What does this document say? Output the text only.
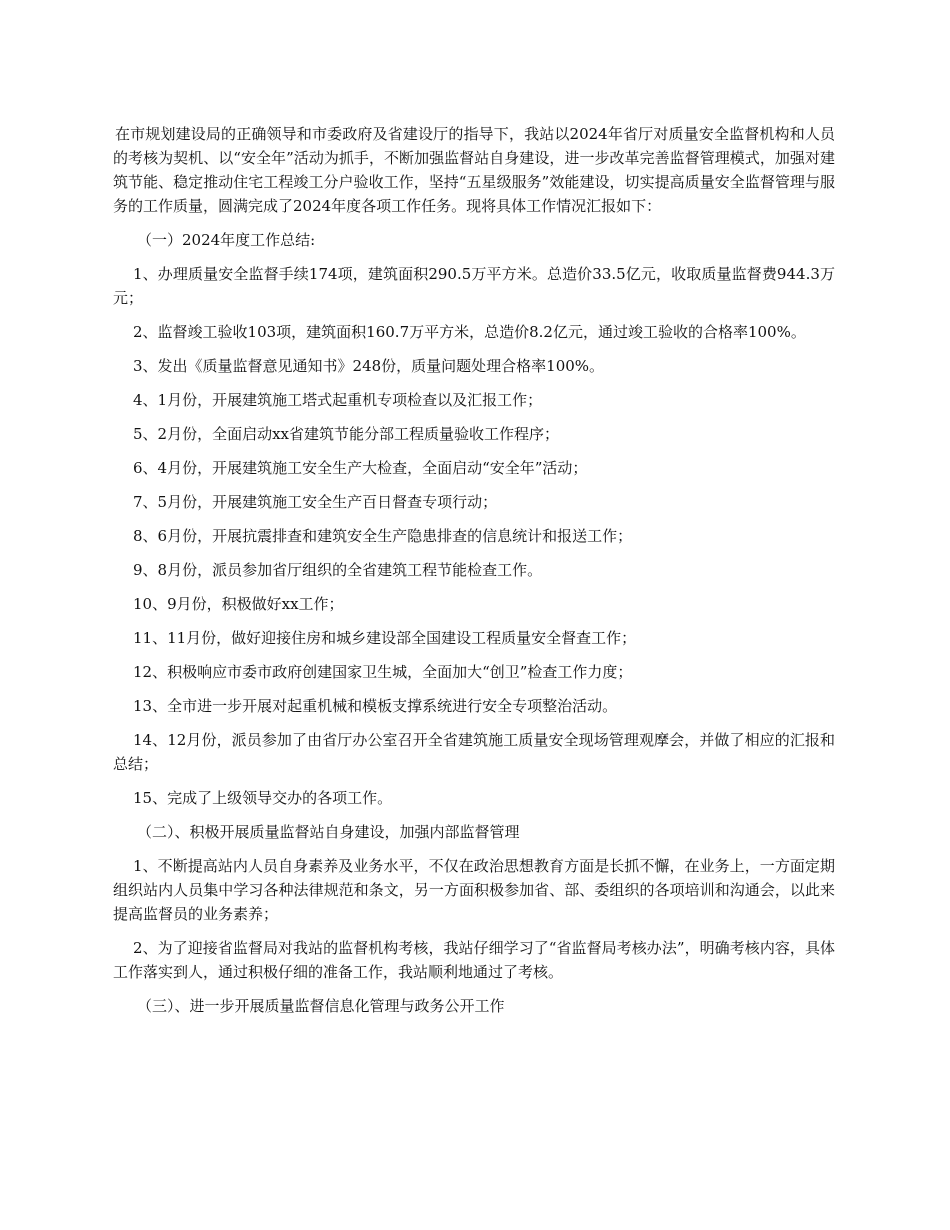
在市规划建设局的正确领导和市委政府及省建设厅的指导下，我站以2024年省厅对质量安全监督机构和人员的考核为契机、以“安全年”活动为抓手，不断加强监督站自身建设，进一步改革完善监督管理模式，加强对建筑节能、稳定推动住宅工程竣工分户验收工作，坚持“五星级服务”效能建设，切实提高质量安全监督管理与服务的工作质量，圆满完成了2024年度各项工作任务。现将具体工作情况汇报如下：

（一）2024年度工作总结:

1、办理质量安全监督手续174项，建筑面积290.5万平方米。总造价33.5亿元，收取质量监督费944.3万元；

2、监督竣工验收103项，建筑面积160.7万平方米，总造价8.2亿元，通过竣工验收的合格率100%。

3、发出《质量监督意见通知书》248份，质量问题处理合格率100%。

4、1月份，开展建筑施工塔式起重机专项检查以及汇报工作；

5、2月份，全面启动xx省建筑节能分部工程质量验收工作程序；

6、4月份，开展建筑施工安全生产大检查，全面启动“安全年”活动；

7、5月份，开展建筑施工安全生产百日督查专项行动；

8、6月份，开展抗震排查和建筑安全生产隐患排查的信息统计和报送工作；

9、8月份，派员参加省厅组织的全省建筑工程节能检查工作。

10、9月份，积极做好xx工作；

11、11月份，做好迎接住房和城乡建设部全国建设工程质量安全督查工作；

12、积极响应市委市政府创建国家卫生城，全面加大“创卫”检查工作力度；

13、全市进一步开展对起重机械和模板支撑系统进行安全专项整治活动。

14、12月份，派员参加了由省厅办公室召开全省建筑施工质量安全现场管理观摩会，并做了相应的汇报和总结；

15、完成了上级领导交办的各项工作。

（二）、积极开展质量监督站自身建设，加强内部监督管理

1、不断提高站内人员自身素养及业务水平，不仅在政治思想教育方面是长抓不懈，在业务上，一方面定期组织站内人员集中学习各种法律规范和条文，另一方面积极参加省、部、委组织的各项培训和沟通会，以此来提高监督员的业务素养；

2、为了迎接省监督局对我站的监督机构考核，我站仔细学习了“省监督局考核办法”，明确考核内容，具体工作落实到人，通过积极仔细的准备工作，我站顺利地通过了考核。

（三）、进一步开展质量监督信息化管理与政务公开工作
